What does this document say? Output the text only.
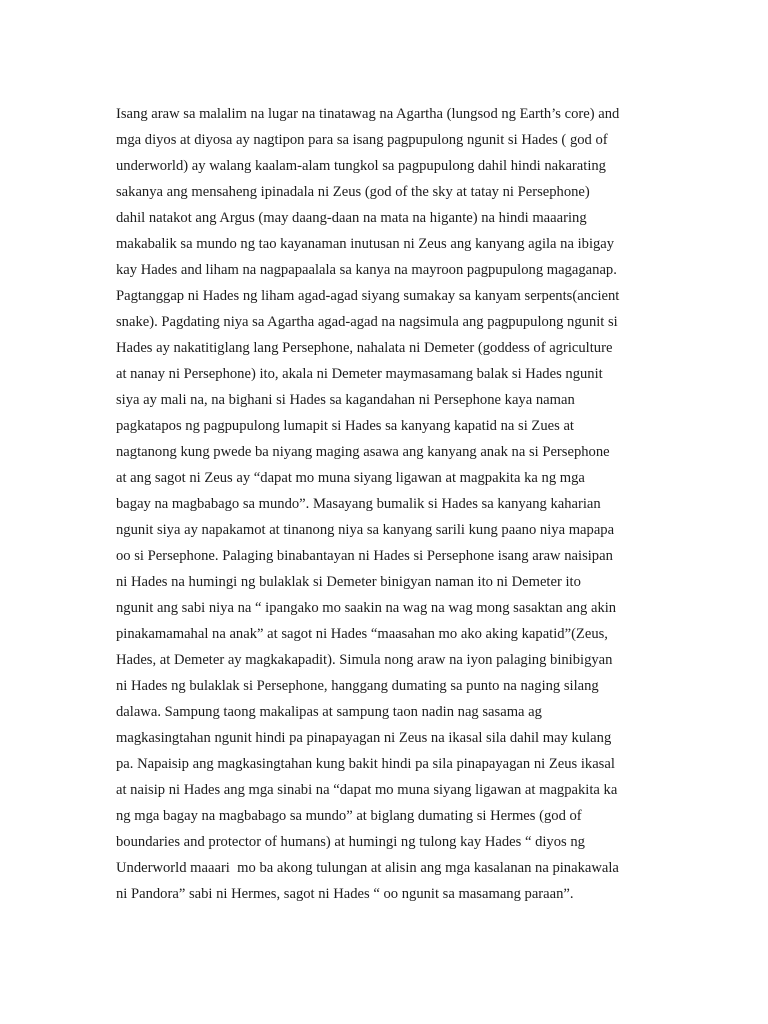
Isang araw sa malalim na lugar na tinatawag na Agartha (lungsod ng Earth’s core) and
mga diyos at diyosa ay nagtipon para sa isang pagpupulong ngunit si Hades ( god of
underworld) ay walang kaalam-alam tungkol sa pagpupulong dahil hindi nakarating
sakanya ang mensaheng ipinadala ni Zeus (god of the sky at tatay ni Persephone)
dahil natakot ang Argus (may daang-daan na mata na higante) na hindi maaaring
makabalik sa mundo ng tao kayanaman inutusan ni Zeus ang kanyang agila na ibigay
kay Hades and liham na nagpapaalala sa kanya na mayroon pagpupulong magaganap.
Pagtanggap ni Hades ng liham agad-agad siyang sumakay sa kanyam serpents(ancient
snake). Pagdating niya sa Agartha agad-agad na nagsimula ang pagpupulong ngunit si
Hades ay nakatitiglang lang Persephone, nahalata ni Demeter (goddess of agriculture
at nanay ni Persephone) ito, akala ni Demeter maymasamang balak si Hades ngunit
siya ay mali na, na bighani si Hades sa kagandahan ni Persephone kaya naman
pagkatapos ng pagpupulong lumapit si Hades sa kanyang kapatid na si Zues at
nagtanong kung pwede ba niyang maging asawa ang kanyang anak na si Persephone
at ang sagot ni Zeus ay “dapat mo muna siyang ligawan at magpakita ka ng mga
bagay na magbabago sa mundo”. Masayang bumalik si Hades sa kanyang kaharian
ngunit siya ay napakamot at tinanong niya sa kanyang sarili kung paano niya mapapa
oo si Persephone. Palaging binabantayan ni Hades si Persephone isang araw naisipan
ni Hades na humingi ng bulaklak si Demeter binigyan naman ito ni Demeter ito
ngunit ang sabi niya na “ ipangako mo saakin na wag na wag mong sasaktan ang akin
pinakamamahal na anak” at sagot ni Hades “maasahan mo ako aking kapatid”(Zeus,
Hades, at Demeter ay magkakapadit). Simula nong araw na iyon palaging binibigyan
ni Hades ng bulaklak si Persephone, hanggang dumating sa punto na naging silang
dalawa. Sampung taong makalipas at sampung taon nadin nag sasama ag
magkasingtahan ngunit hindi pa pinapayagan ni Zeus na ikasal sila dahil may kulang
pa. Napaisip ang magkasingtahan kung bakit hindi pa sila pinapayagan ni Zeus ikasal
at naisip ni Hades ang mga sinabi na “dapat mo muna siyang ligawan at magpakita ka
ng mga bagay na magbabago sa mundo” at biglang dumating si Hermes (god of
boundaries and protector of humans) at humingi ng tulong kay Hades “ diyos ng
Underworld maaari  mo ba akong tulungan at alisin ang mga kasalanan na pinakawala
ni Pandora” sabi ni Hermes, sagot ni Hades “ oo ngunit sa masamang paraan”.
